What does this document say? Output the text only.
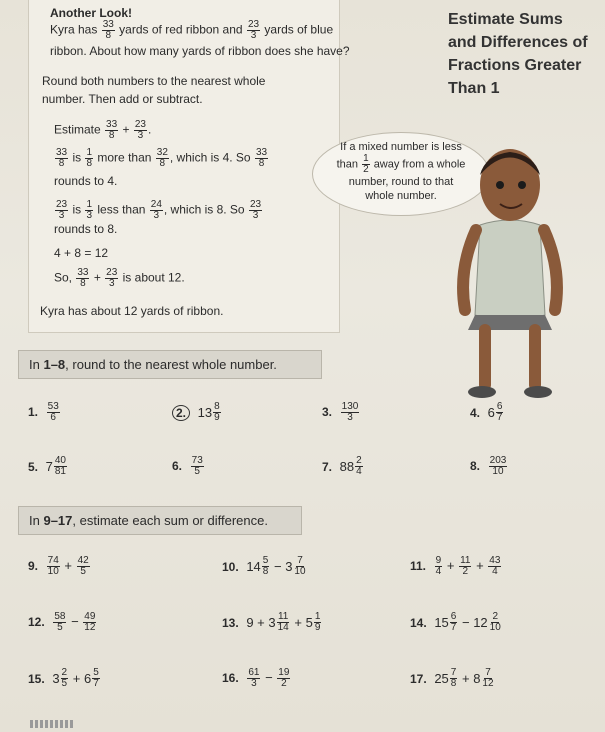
Another Look!	Estimate Sums
and Differences of
Fractions Greater
Than 1
Kyra has $\frac{33}{8}$ yards of red ribbon and $\frac{23}{3}$ yards of blue
ribbon. About how many yards of ribbon does she have?
Round both numbers to the nearest whole
number. Then add or subtract.
Estimate $\frac{33}{8} + \frac{23}{3}$ .
$\frac{33}{8}$ is $\frac{1}{8}$ more than $\frac{32}{8}$ , which is 4. So $\frac{33}{8}$
rounds to 4.
$\frac{23}{3}$ is $\frac{1}{3}$ less than $\frac{24}{3}$ , which is 8. So $\frac{23}{3}$
rounds to 8.
4 + 8 = 12
So, $\frac{33}{8} + \frac{23}{3}$ is about 12.
Kyra has about 12 yards of ribbon.
If a mixed number is less
than $\frac{1}{2}$ away from a whole
number, round to that
whole number.
In 1–8, round to the nearest whole number.
1. $\frac{53}{6}$	2. $13 \frac{8}{9}$	3. $\frac{130}{3}$	4. $6 \frac{6}{7}$
5. $7 \frac{40}{81}$	6. $\frac{73}{5}$	7. $88 \frac{2}{4}$	8. $\frac{203}{10}$
In 9–17, estimate each sum or difference.
9. $\frac{74}{10} + \frac{42}{5}$	10. $14 \frac{5}{8} - 3 \frac{7}{10}$	11. $\frac{9}{4} + \frac{11}{2} + \frac{43}{4}$
12. $\frac{58}{5} - \frac{49}{12}$	13. $9 + 3 \frac{11}{14} + 5 \frac{1}{9}$	14. $15 \frac{6}{7} - 12 \frac{2}{10}$
15. $3 \frac{2}{5} + 6 \frac{5}{7}$	16. $\frac{61}{3} - \frac{19}{2}$	17. $25 \frac{7}{8} + 8 \frac{7}{12}$
